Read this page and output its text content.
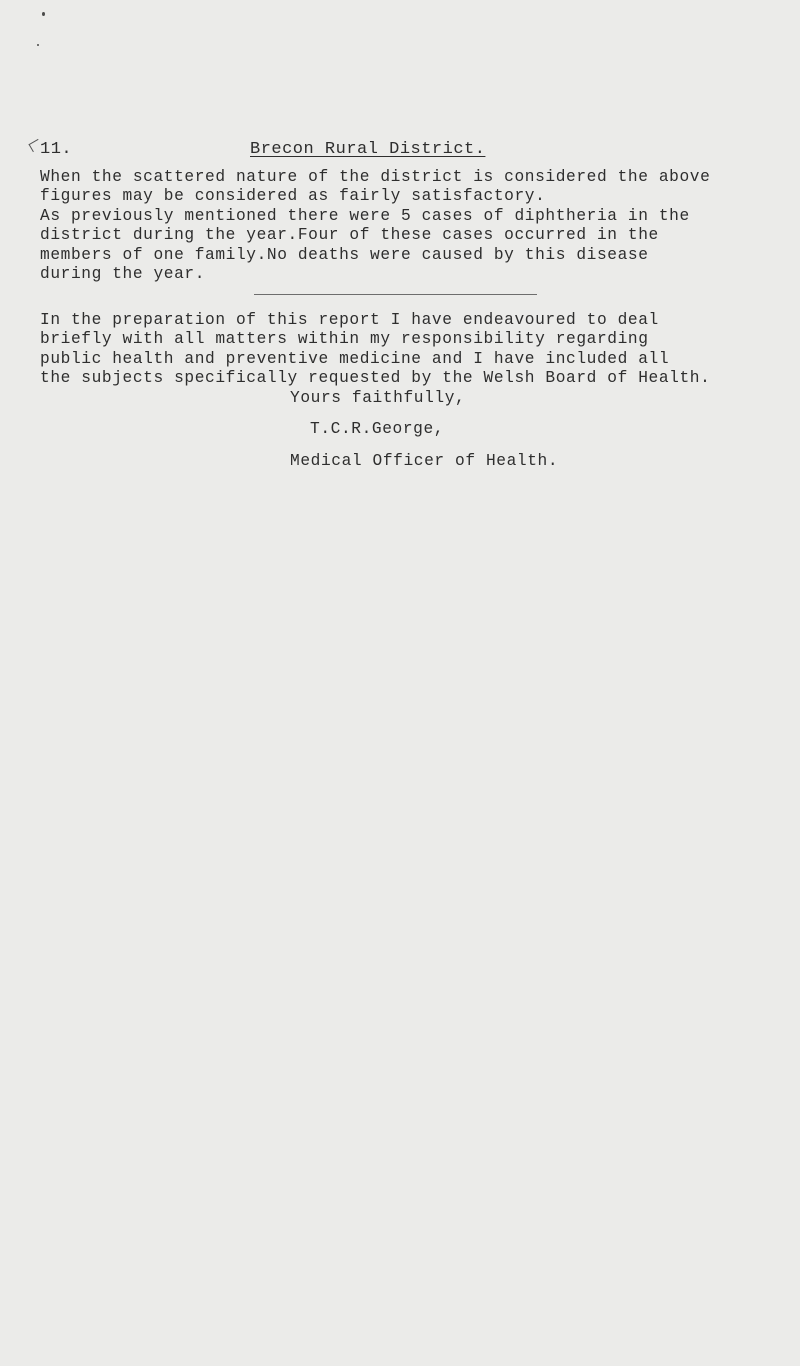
11.	Brecon Rural District.

When the scattered nature of the district is considered the above
figures may be considered as fairly satisfactory.
As previously mentioned there were 5 cases of diphtheria in the
district during the year.Four of these cases occurred in the
members of one family.No deaths were caused by this disease
during the year.

In the preparation of this report I have endeavoured to deal
briefly with all matters within my responsibility regarding
public health and preventive medicine and I have included all
the subjects specifically requested by the Welsh Board of Health.

Yours faithfully,
T.C.R.George,
Medical Officer of Health.
